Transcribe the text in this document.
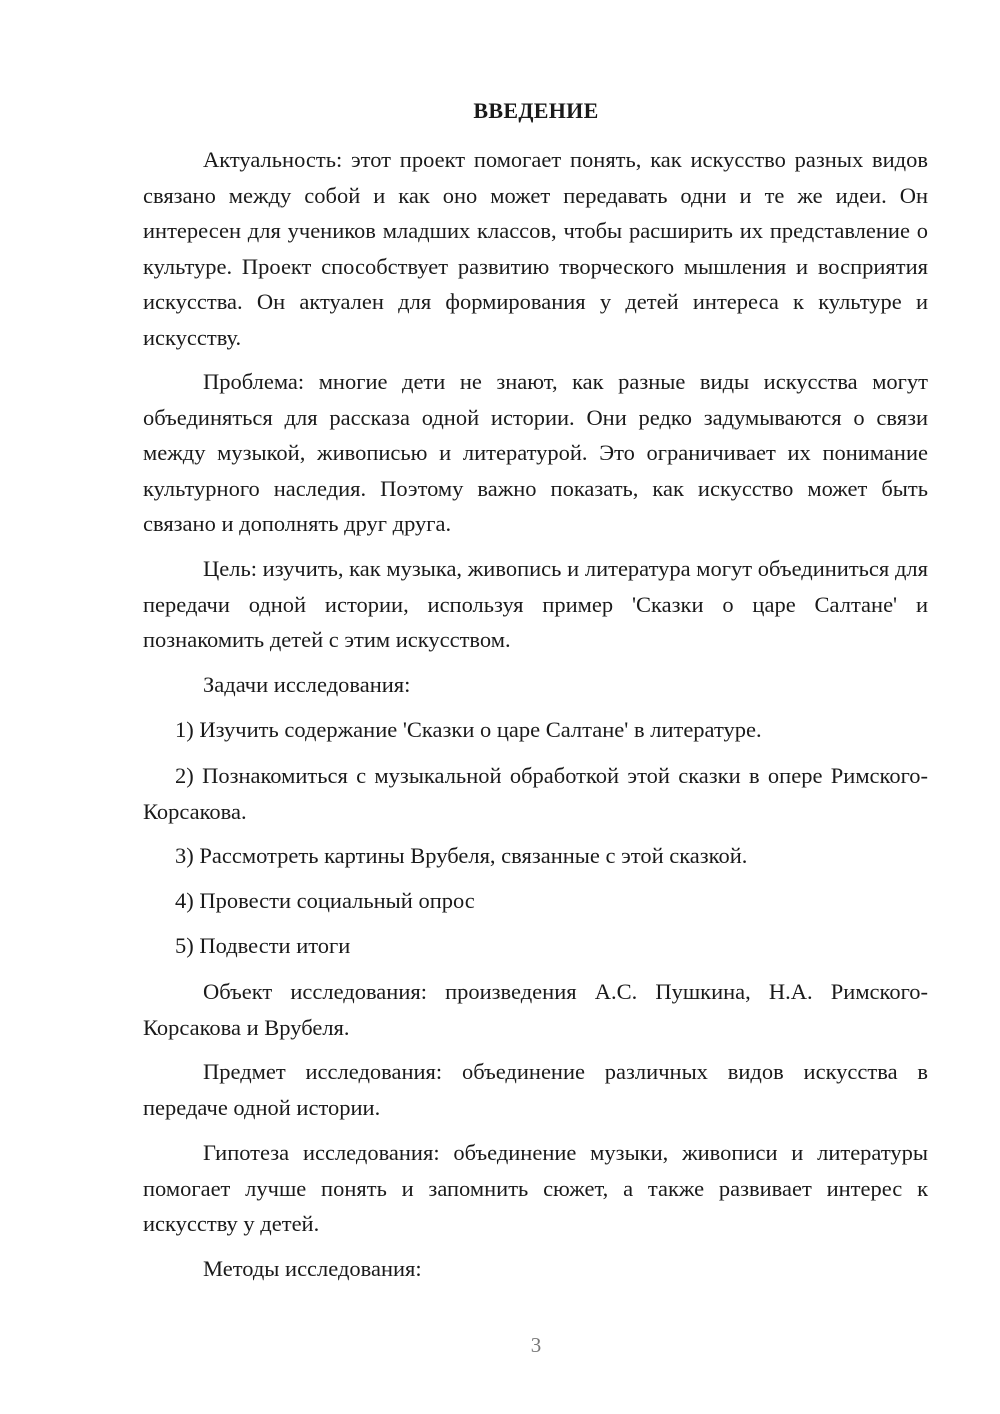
ВВЕДЕНИЕ

Актуальность: этот проект помогает понять, как искусство разных видов связано между собой и как оно может передавать одни и те же идеи. Он интересен для учеников младших классов, чтобы расширить их представление о культуре. Проект способствует развитию творческого мышления и восприятия искусства. Он актуален для формирования у детей интереса к культуре и искусству.

Проблема: многие дети не знают, как разные виды искусства могут объединяться для рассказа одной истории. Они редко задумываются о связи между музыкой, живописью и литературой. Это ограничивает их понимание культурного наследия. Поэтому важно показать, как искусство может быть связано и дополнять друг друга.

Цель: изучить, как музыка, живопись и литература могут объединиться для передачи одной истории, используя пример 'Сказки о царе Салтане' и познакомить детей с этим искусством.

Задачи исследования:

1) Изучить содержание 'Сказки о царе Салтане' в литературе.

2) Познакомиться с музыкальной обработкой этой сказки в опере Римского-Корсакова.

3) Рассмотреть картины Врубеля, связанные с этой сказкой.

4) Провести социальный опрос

5) Подвести итоги

Объект исследования: произведения А.С. Пушкина, Н.А. Римского-Корсакова и Врубеля.

Предмет исследования: объединение различных видов искусства в передаче одной истории.

Гипотеза исследования: объединение музыки, живописи и литературы помогает лучше понять и запомнить сюжет, а также развивает интерес к искусству у детей.

Методы исследования:

3
